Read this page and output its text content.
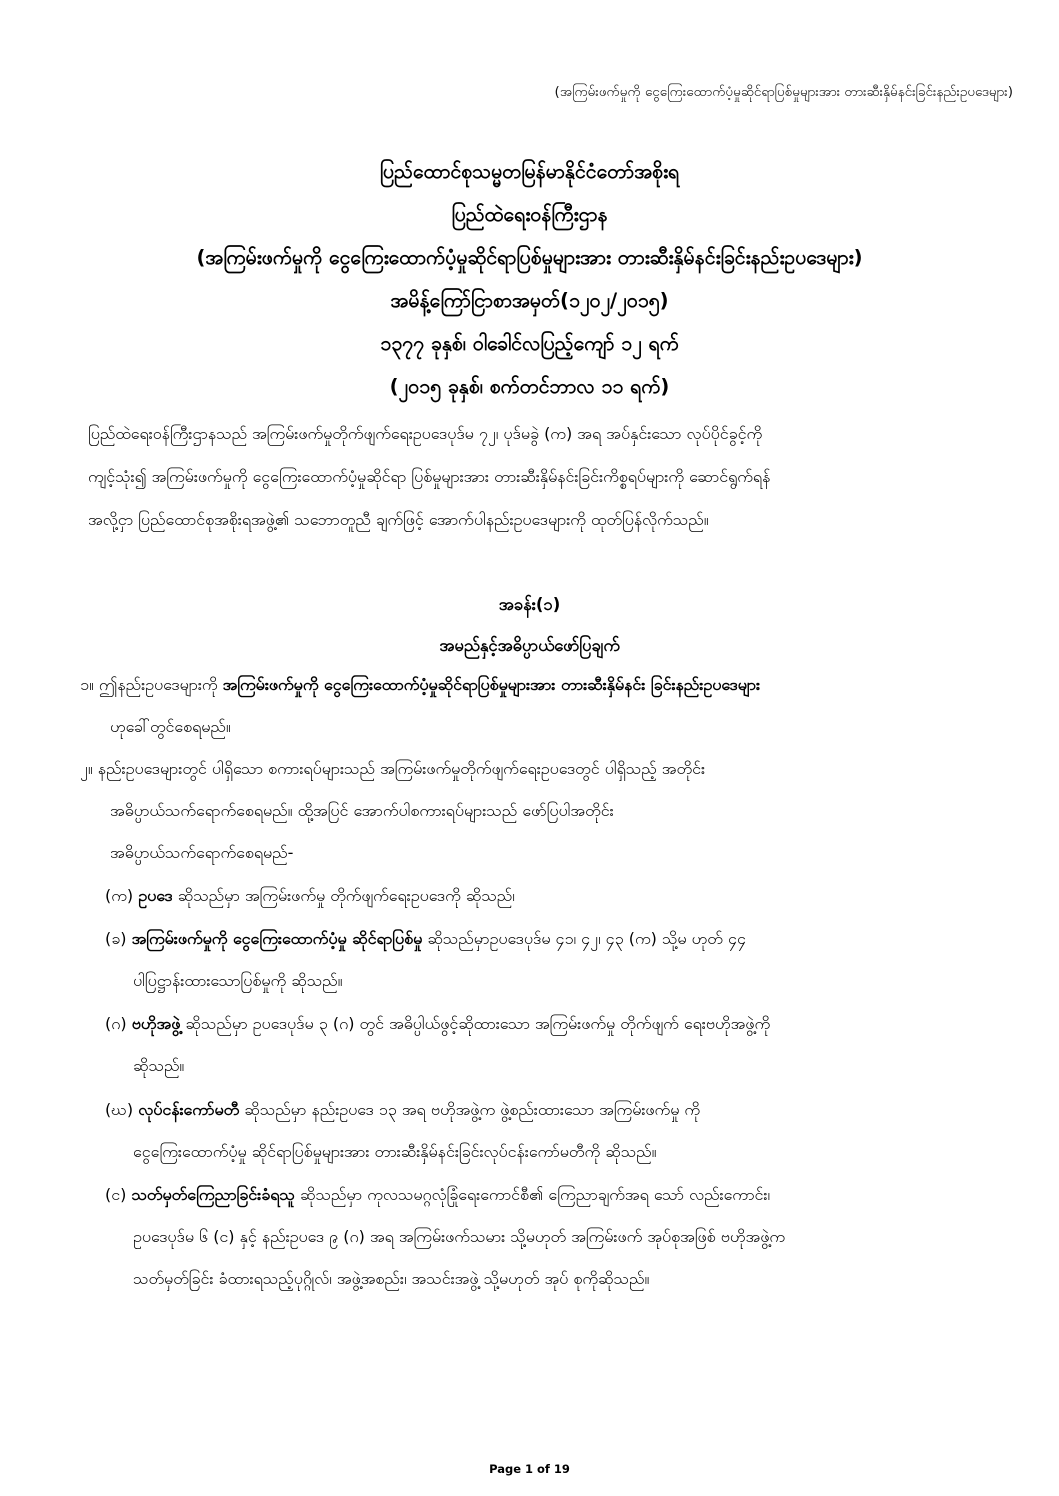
(အကြမ်းဖက်မှုကို ငွေကြေးထောက်ပံ့မှုဆိုင်ရာပြစ်မှုများအား တားဆီးနှိမ်နင်းခြင်းနည်းဥပဒေများ)
ပြည်ထောင်စုသမ္မတမြန်မာနိုင်ငံတော်အစိုးရ
ပြည်ထဲရေးဝန်ကြီးဌာန
(အကြမ်းဖက်မှုကို ငွေကြေးထောက်ပံ့မှုဆိုင်ရာပြစ်မှုများအား တားဆီးနှိမ်နင်းခြင်းနည်းဥပဒေများ)
အမိန့်ကြော်ငြာစာအမှတ်(၁၂၀၂/၂၀၁၅)
၁၃၇၇ ခုနှစ်၊ ဝါခေါင်လပြည့်ကျော် ၁၂ ရက်
(၂၀၁၅ ခုနှစ်၊ စက်တင်ဘာလ ၁၁ ရက်)
ပြည်ထဲရေးဝန်ကြီးဌာနသည် အကြမ်းဖက်မှုတိုက်ဖျက်ရေးဥပဒေပုဒ်မ ၇၂၊ ပုဒ်မခွဲ (က) အရ အပ်နှင်းသော လုပ်ပိုင်ခွင့်ကို
ကျင့်သုံး၍ အကြမ်းဖက်မှုကို ငွေကြေးထောက်ပံ့မှုဆိုင်ရာ ပြစ်မှုများအား တားဆီးနှိမ်နင်းခြင်းကိစ္စရပ်များကို ဆောင်ရွက်ရန်
အလို့ငှာ ပြည်ထောင်စုအစိုးရအဖွဲ့၏ သဘောတူညီ ချက်ဖြင့် အောက်ပါနည်းဥပဒေများကို ထုတ်ပြန်လိုက်သည်။
အခန်း(၁)
အမည်နှင့်အဓိပ္ပာယ်ဖော်ပြချက်
၁။ ဤနည်းဥပဒေများကို အကြမ်းဖက်မှုကို ငွေကြေးထောက်ပံ့မှုဆိုင်ရာပြစ်မှုများအား တားဆီးနှိမ်နင်း ခြင်းနည်းဥပဒေများ
ဟုခေါ်တွင်စေရမည်။
၂။ နည်းဥပဒေများတွင် ပါရှိသော စကားရပ်များသည် အကြမ်းဖက်မှုတိုက်ဖျက်ရေးဥပဒေတွင် ပါရှိသည့် အတိုင်း
အဓိပ္ပာယ်သက်ရောက်စေရမည်။ ထို့အပြင် အောက်ပါစကားရပ်များသည် ဖော်ပြပါအတိုင်း
အဓိပ္ပာယ်သက်ရောက်စေရမည်-
(က) ဥပဒေ ဆိုသည်မှာ အကြမ်းဖက်မှု တိုက်ဖျက်ရေးဥပဒေကို ဆိုသည်၊
(ခ) အကြမ်းဖက်မှုကို ငွေကြေးထောက်ပံ့မှု ဆိုင်ရာပြစ်မှု ဆိုသည်မှာဥပဒေပုဒ်မ ၄၁၊ ၄၂၊ ၄၃ (က) သို့မ ဟုတ် ၄၄
ပါပြဋ္ဌာန်းထားသောပြစ်မှုကို ဆိုသည်။
(ဂ) ဗဟိုအဖွဲ့ ဆိုသည်မှာ ဥပဒေပုဒ်မ ၃ (ဂ) တွင် အဓိပ္ပါယ်ဖွင့်ဆိုထားသော အကြမ်းဖက်မှု တိုက်ဖျက် ရေးဗဟိုအဖွဲ့ကို
ဆိုသည်။
(ဃ) လုပ်ငန်းကော်မတီ ဆိုသည်မှာ နည်းဥပဒေ ၁၃ အရ ဗဟိုအဖွဲ့က ဖွဲ့စည်းထားသော အကြမ်းဖက်မှု ကို
ငွေကြေးထောက်ပံ့မှု ဆိုင်ရာပြစ်မှုများအား တားဆီးနှိမ်နင်းခြင်းလုပ်ငန်းကော်မတီကို ဆိုသည်။
(င) သတ်မှတ်ကြေညာခြင်းခံရသူ ဆိုသည်မှာ ကုလသမဂ္ဂလုံခြုံရေးကောင်စီ၏ ကြေညာချက်အရ သော် လည်းကောင်း၊
ဥပဒေပုဒ်မ ၆ (င) နှင့် နည်းဥပဒေ ၉ (ဂ) အရ အကြမ်းဖက်သမား သို့မဟုတ် အကြမ်းဖက် အုပ်စုအဖြစ် ဗဟိုအဖွဲ့က
သတ်မှတ်ခြင်း ခံထားရသည့်ပုဂ္ဂိုလ်၊ အဖွဲ့အစည်း၊ အသင်းအဖွဲ့ သို့မဟုတ် အုပ် စုကိုဆိုသည်။
Page 1 of 19
